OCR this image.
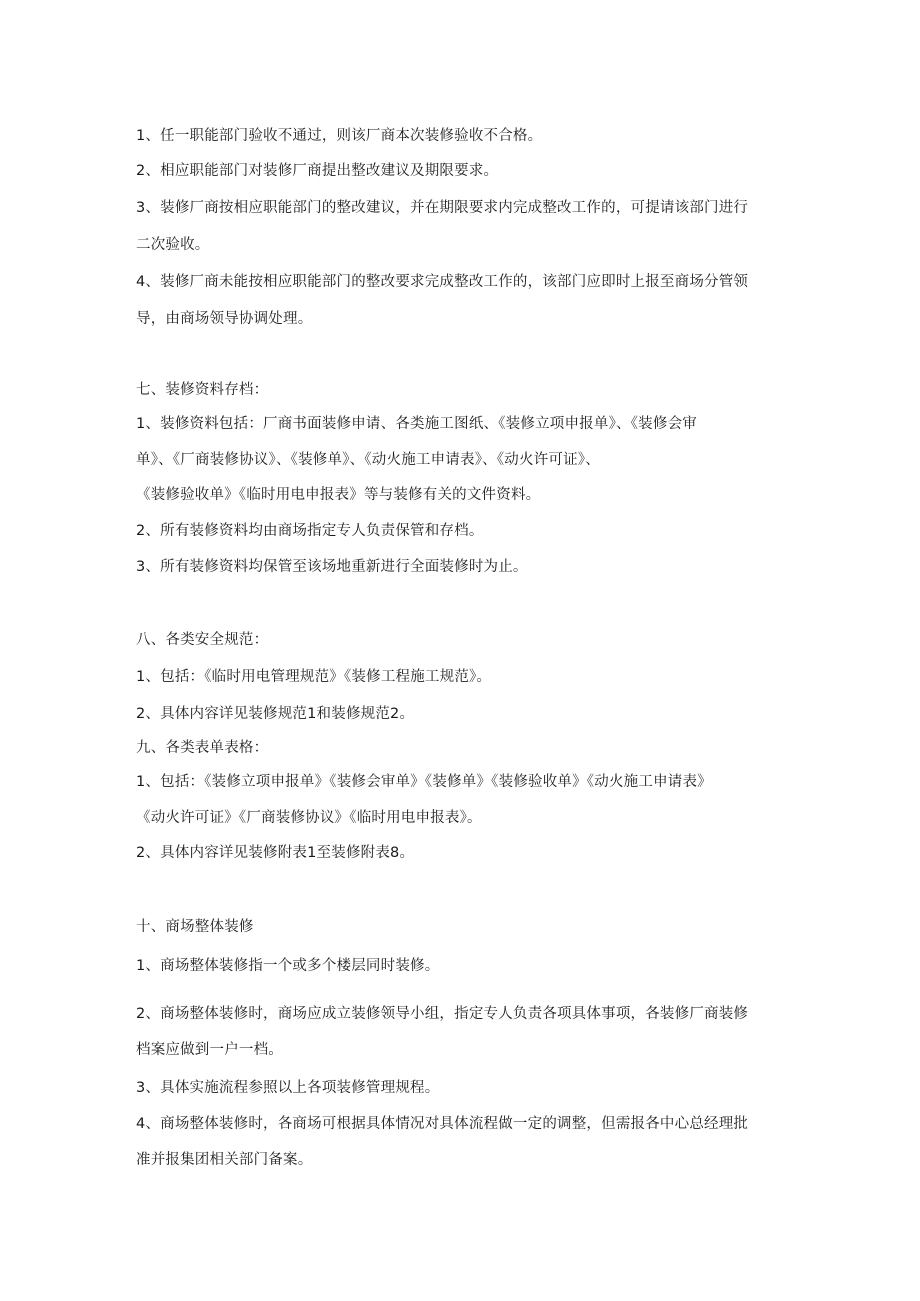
1、任一职能部门验收不通过，则该厂商本次装修验收不合格。
2、相应职能部门对装修厂商提出整改建议及期限要求。
3、装修厂商按相应职能部门的整改建议，并在期限要求内完成整改工作的，可提请该部门进行
二次验收。
4、装修厂商未能按相应职能部门的整改要求完成整改工作的，该部门应即时上报至商场分管领
导，由商场领导协调处理。
七、装修资料存档：
1、装修资料包括：厂商书面装修申请、各类施工图纸、《装修立项申报单》、《装修会审
单》、《厂商装修协议》、《装修单》、《动火施工申请表》、《动火许可证》、
《装修验收单》《临时用电申报表》等与装修有关的文件资料。
2、所有装修资料均由商场指定专人负责保管和存档。
3、所有装修资料均保管至该场地重新进行全面装修时为止。
八、各类安全规范：
1、包括：《临时用电管理规范》《装修工程施工规范》。
2、具体内容详见装修规范1和装修规范2。
九、各类表单表格：
1、包括：《装修立项申报单》《装修会审单》《装修单》《装修验收单》《动火施工申请表》
《动火许可证》《厂商装修协议》《临时用电申报表》。
2、具体内容详见装修附表1至装修附表8。
十、商场整体装修
1、商场整体装修指一个或多个楼层同时装修。
2、商场整体装修时，商场应成立装修领导小组，指定专人负责各项具体事项，各装修厂商装修
档案应做到一户一档。
3、具体实施流程参照以上各项装修管理规程。
4、商场整体装修时，各商场可根据具体情况对具体流程做一定的调整，但需报各中心总经理批
准并报集团相关部门备案。
